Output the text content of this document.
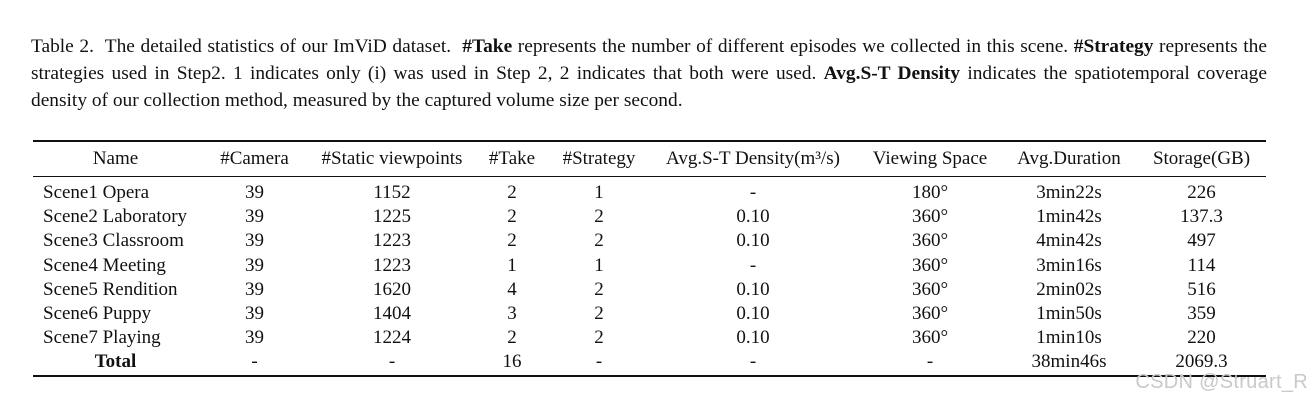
Table 2. The detailed statistics of our ImViD dataset. #Take represents the number of different episodes we collected in this scene. #Strategy represents the strategies used in Step2. 1 indicates only (i) was used in Step 2, 2 indicates that both were used. Avg.S-T Density indicates the spatiotemporal coverage density of our collection method, measured by the captured volume size per second.
Name	#Camera	#Static viewpoints	#Take	#Strategy	Avg.S-T Density(m³/s)	Viewing Space	Avg.Duration	Storage(GB)
Scene1 Opera	39	1152	2	1	-	180°	3min22s	226
Scene2 Laboratory	39	1225	2	2	0.10	360°	1min42s	137.3
Scene3 Classroom	39	1223	2	2	0.10	360°	4min42s	497
Scene4 Meeting	39	1223	1	1	-	360°	3min16s	114
Scene5 Rendition	39	1620	4	2	0.10	360°	2min02s	516
Scene6 Puppy	39	1404	3	2	0.10	360°	1min50s	359
Scene7 Playing	39	1224	2	2	0.10	360°	1min10s	220
Total	-	-	16	-	-	-	38min46s	2069.3
CSDN @Struart_R
